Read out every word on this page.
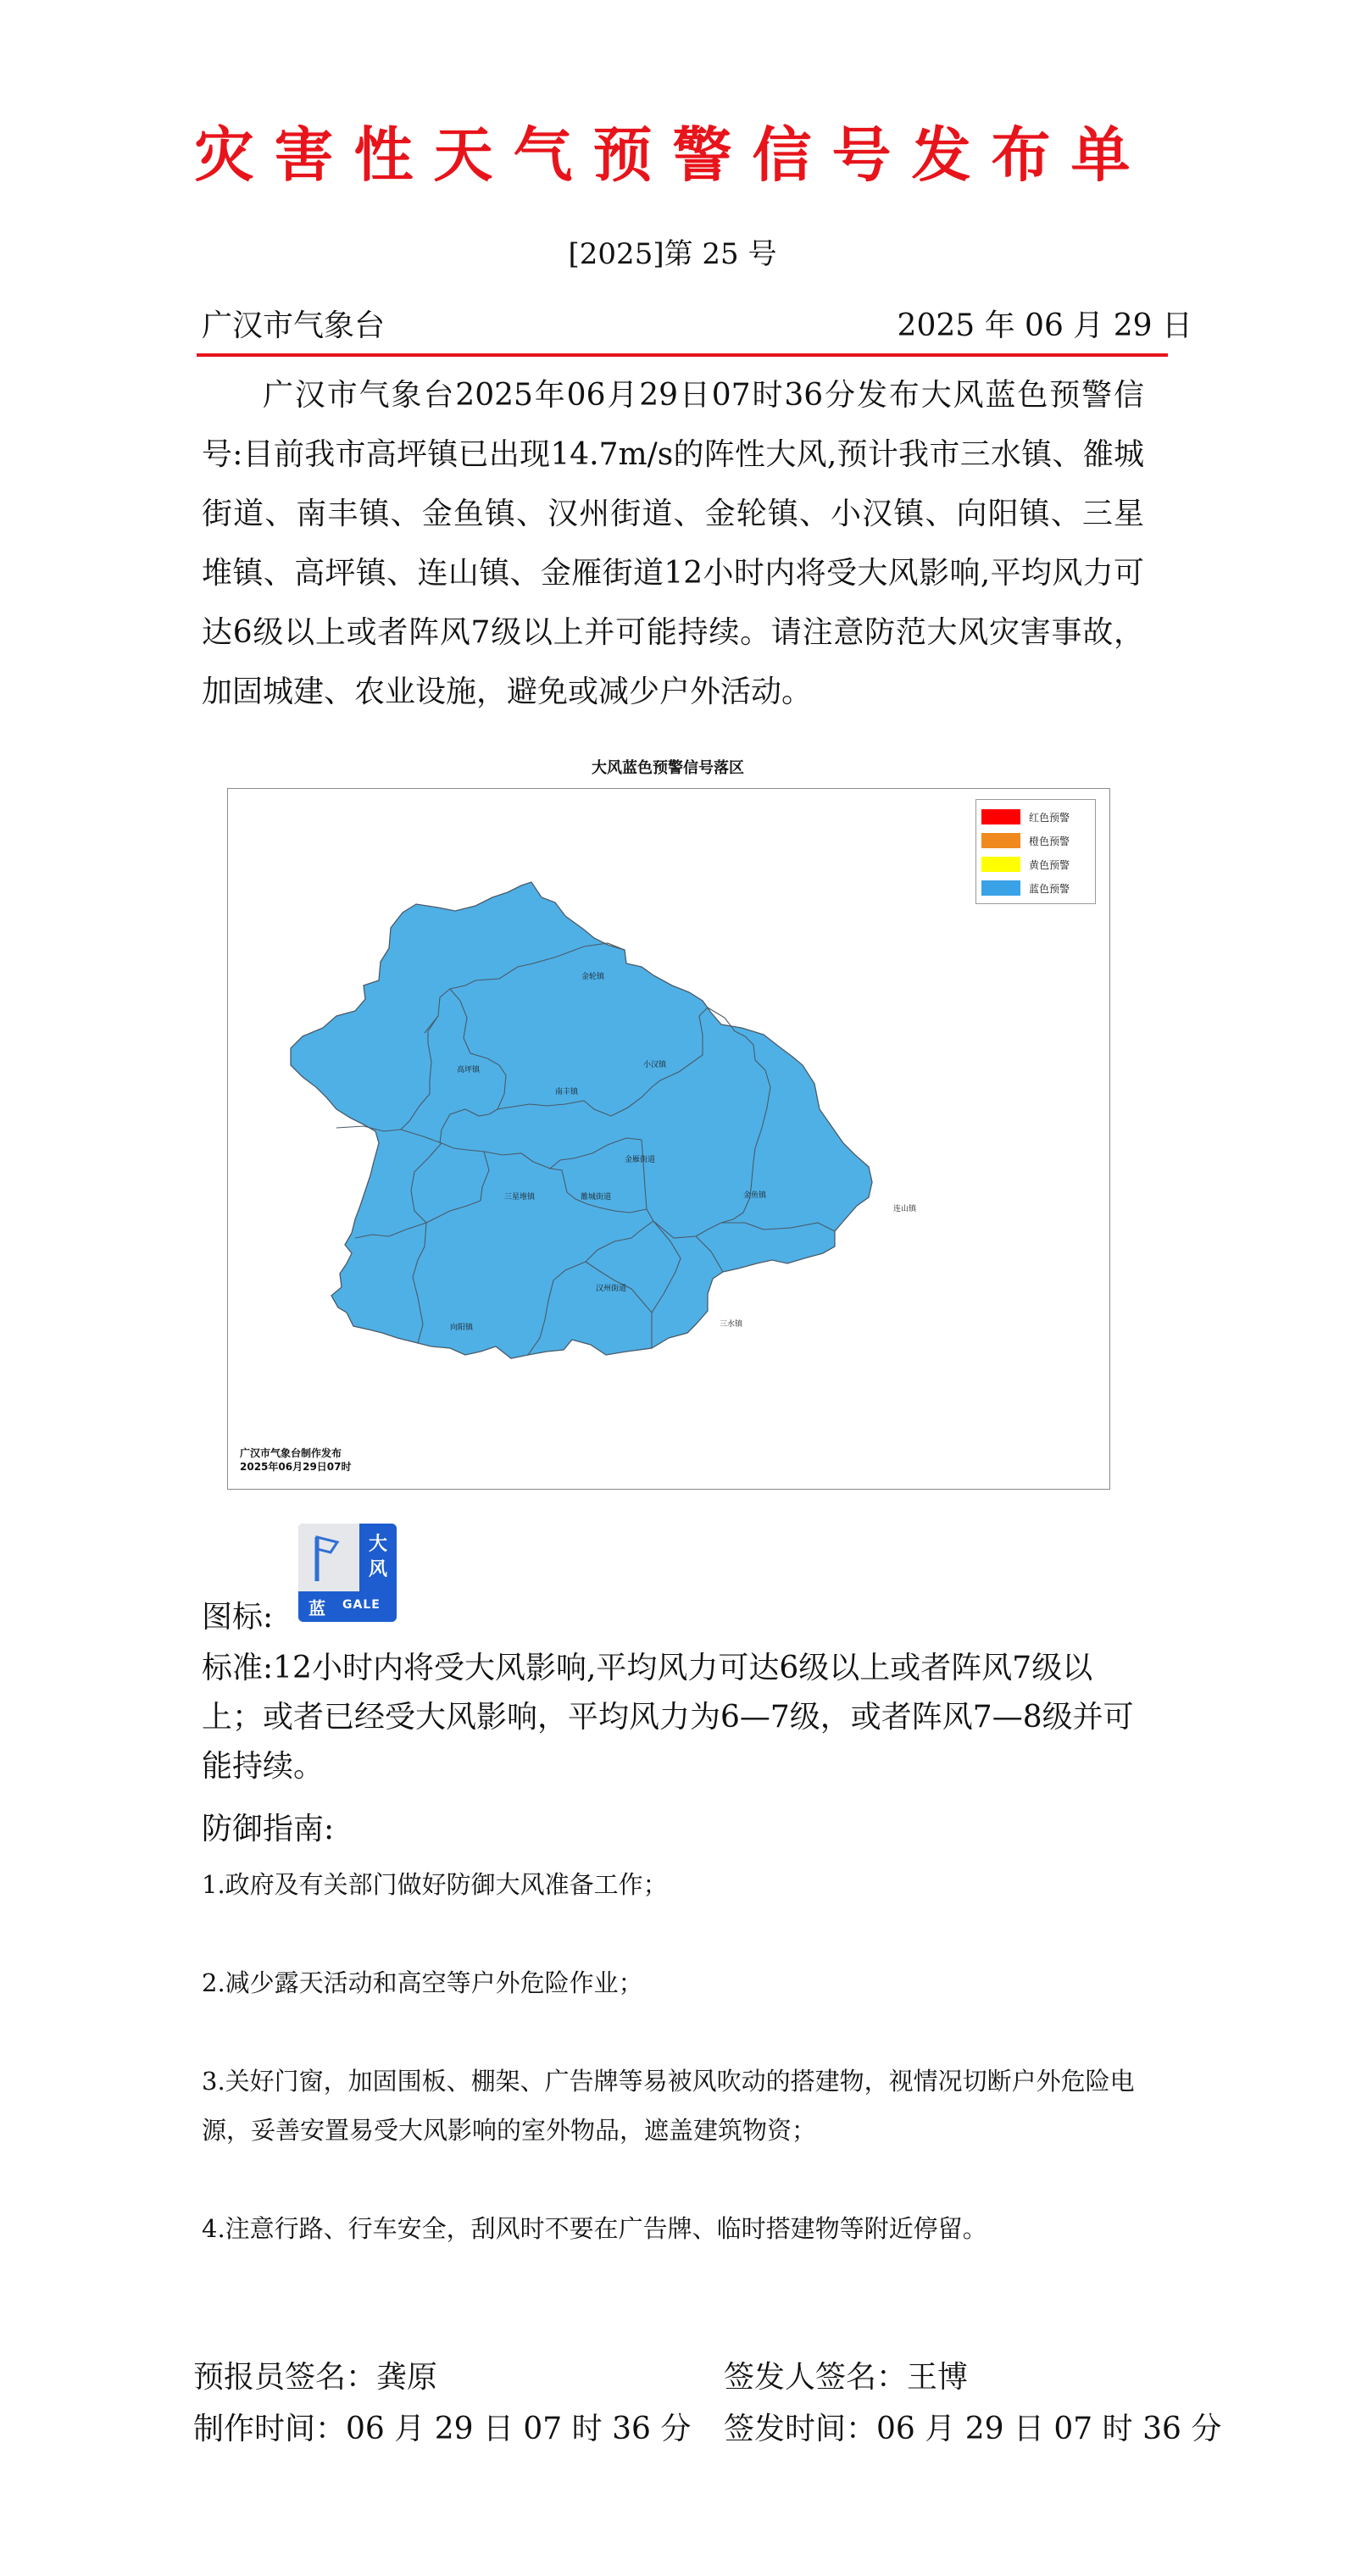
灾害性天气预警信号发布单
[2025]第 25 号
广汉市气象台	2025 年 06 月 29 日
广汉市气象台2025年06月29日07时36分发布大风蓝色预警信号:目前我市高坪镇已出现14.7m/s的阵性大风,预计我市三水镇、雒城街道、南丰镇、金鱼镇、汉州街道、金轮镇、小汉镇、向阳镇、三星堆镇、高坪镇、连山镇、金雁街道12小时内将受大风影响,平均风力可达6级以上或者阵风7级以上并可能持续。请注意防范大风灾害事故，加固城建、农业设施，避免或减少户外活动。
大风蓝色预警信号落区
金轮镇
高坪镇
南丰镇
小汉镇
金雁街道
三星堆镇	雒城街道	金鱼镇
连山镇
汉州街道
向阳镇	三水镇
红色预警
橙色预警
黄色预警
蓝色预警
广汉市气象台制作发布
2025年06月29日07时
图标:
大
风
蓝 GALE
标准:12小时内将受大风影响,平均风力可达6级以上或者阵风7级以上；或者已经受大风影响，平均风力为6—7级，或者阵风7—8级并可能持续。
防御指南:
1.政府及有关部门做好防御大风准备工作；
2.减少露天活动和高空等户外危险作业；
3.关好门窗，加固围板、棚架、广告牌等易被风吹动的搭建物，视情况切断户外危险电源，妥善安置易受大风影响的室外物品，遮盖建筑物资；
4.注意行路、行车安全，刮风时不要在广告牌、临时搭建物等附近停留。
预报员签名：龚原
制作时间：06 月 29 日 07 时 36 分
签发人签名：王博
签发时间：06 月 29 日 07 时 36 分
